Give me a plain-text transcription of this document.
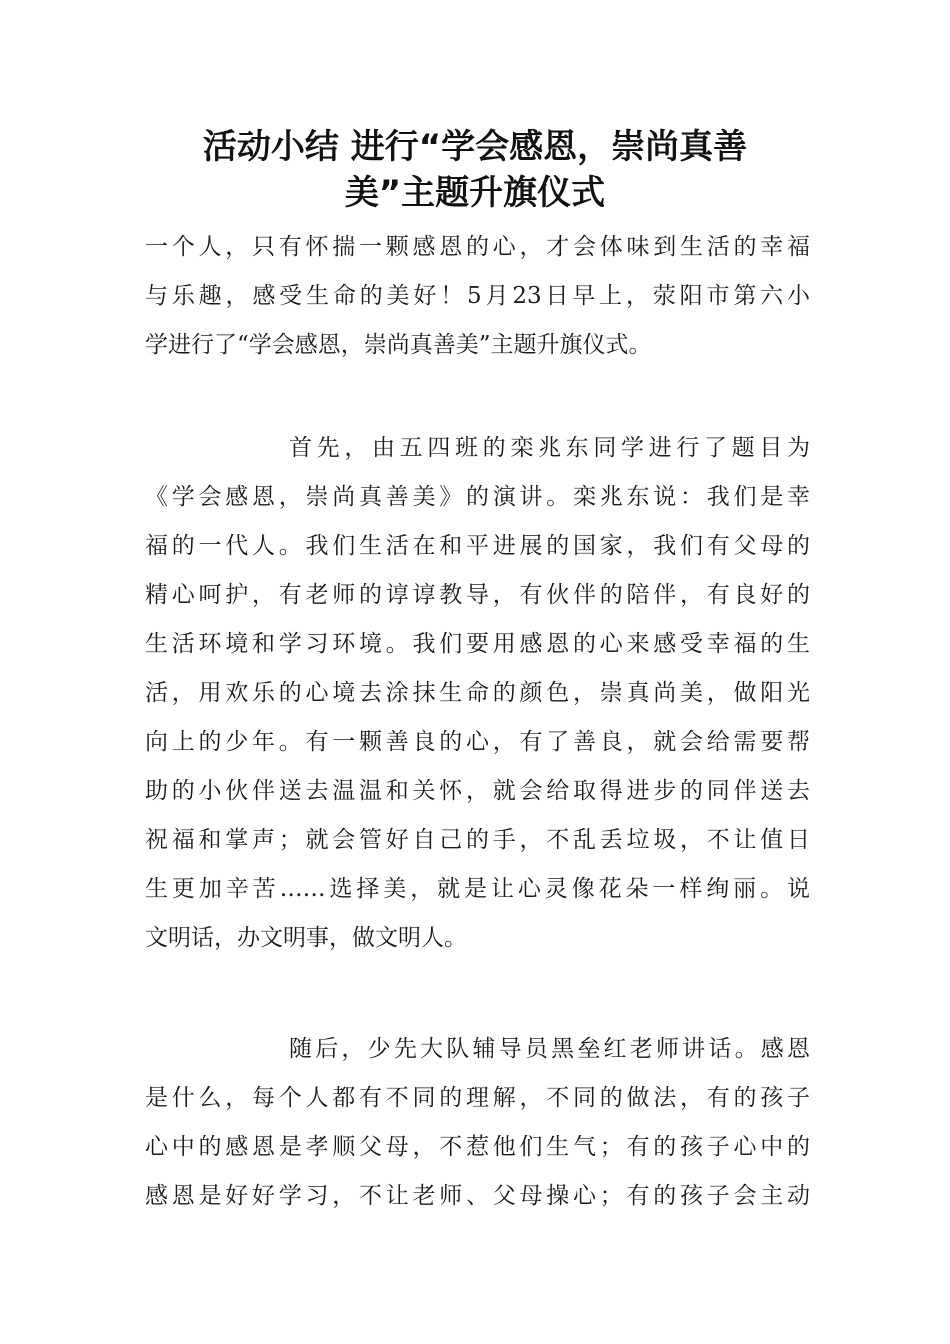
活动小结 进行“学会感恩，崇尚真善
美”主题升旗仪式

一个人，只有怀揣一颗感恩的心，才会体味到生活的幸福
与乐趣，感受生命的美好！5月23日早上，荥阳市第六小
学进行了“学会感恩，崇尚真善美”主题升旗仪式。

首先，由五四班的栾兆东同学进行了题目为
《学会感恩，崇尚真善美》的演讲。栾兆东说：我们是幸
福的一代人。我们生活在和平进展的国家，我们有父母的
精心呵护，有老师的谆谆教导，有伙伴的陪伴，有良好的
生活环境和学习环境。我们要用感恩的心来感受幸福的生
活，用欢乐的心境去涂抹生命的颜色，崇真尚美，做阳光
向上的少年。有一颗善良的心，有了善良，就会给需要帮
助的小伙伴送去温温和关怀，就会给取得进步的同伴送去
祝福和掌声；就会管好自己的手，不乱丢垃圾，不让值日
生更加辛苦……选择美，就是让心灵像花朵一样绚丽。说
文明话，办文明事，做文明人。

随后，少先大队辅导员黑垒红老师讲话。感恩
是什么，每个人都有不同的理解，不同的做法，有的孩子
心中的感恩是孝顺父母，不惹他们生气；有的孩子心中的
感恩是好好学习，不让老师、父母操心；有的孩子会主动
